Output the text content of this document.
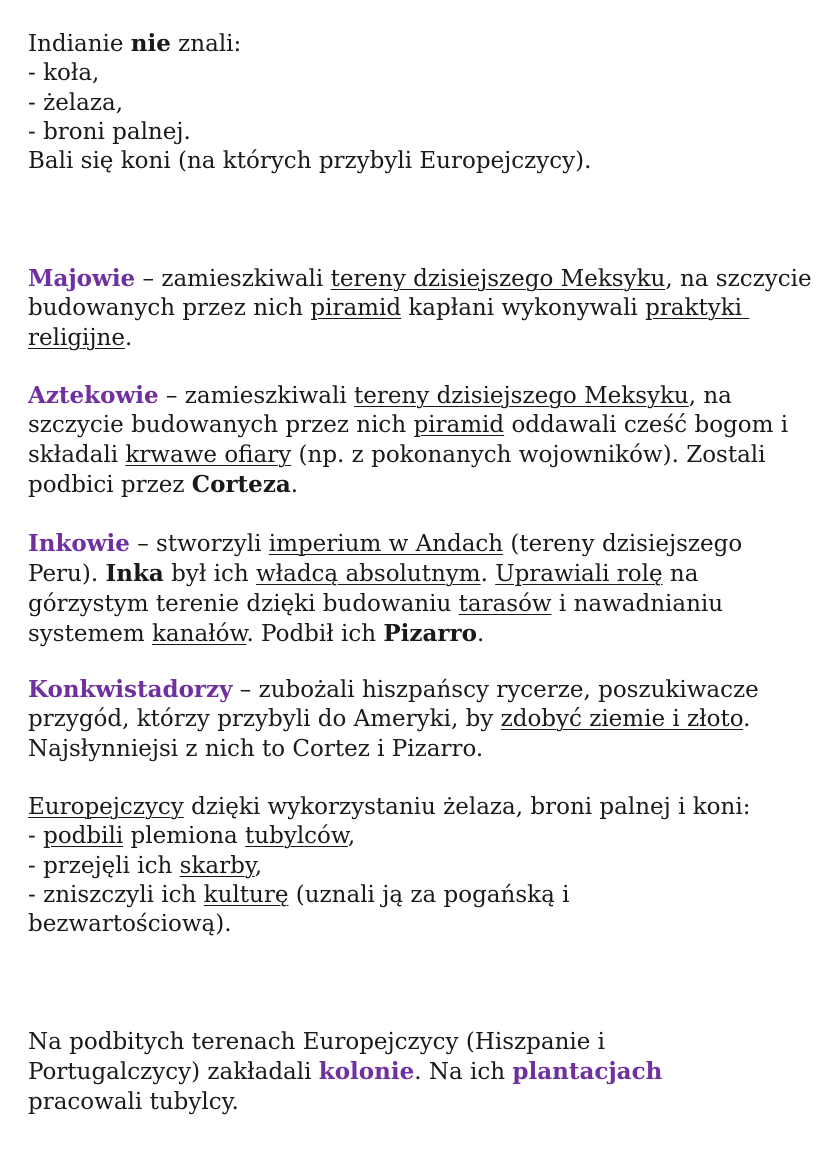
Indianie nie znali:
- koła,
- żelaza,
- broni palnej.
Bali się koni (na których przybyli Europejczycy).

Majowie – zamieszkiwali tereny dzisiejszego Meksyku, na szczycie budowanych przez nich piramid kapłani wykonywali praktyki religijne.

Aztekowie – zamieszkiwali tereny dzisiejszego Meksyku, na szczycie budowanych przez nich piramid oddawali cześć bogom i składali krwawe ofiary (np. z pokonanych wojowników). Zostali podbici przez Corteza.

Inkowie – stworzyli imperium w Andach (tereny dzisiejszego Peru). Inka był ich władcą absolutnym. Uprawiali rolę na górzystym terenie dzięki budowaniu tarasów i nawadnianiu systemem kanałów. Podbił ich Pizarro.

Konkwistadorzy – zubożali hiszpańscy rycerze, poszukiwacze przygód, którzy przybyli do Ameryki, by zdobyć ziemie i złoto. Najsłynniejsi z nich to Cortez i Pizarro.

Europejczycy dzięki wykorzystaniu żelaza, broni palnej i koni:
- podbili plemiona tubylców,
- przejęli ich skarby,
- zniszczyli ich kulturę (uznali ją za pogańską i bezwartościową).

Na podbitych terenach Europejczycy (Hiszpanie i Portugalczycy) zakładali kolonie. Na ich plantacjach pracowali tubylcy.
